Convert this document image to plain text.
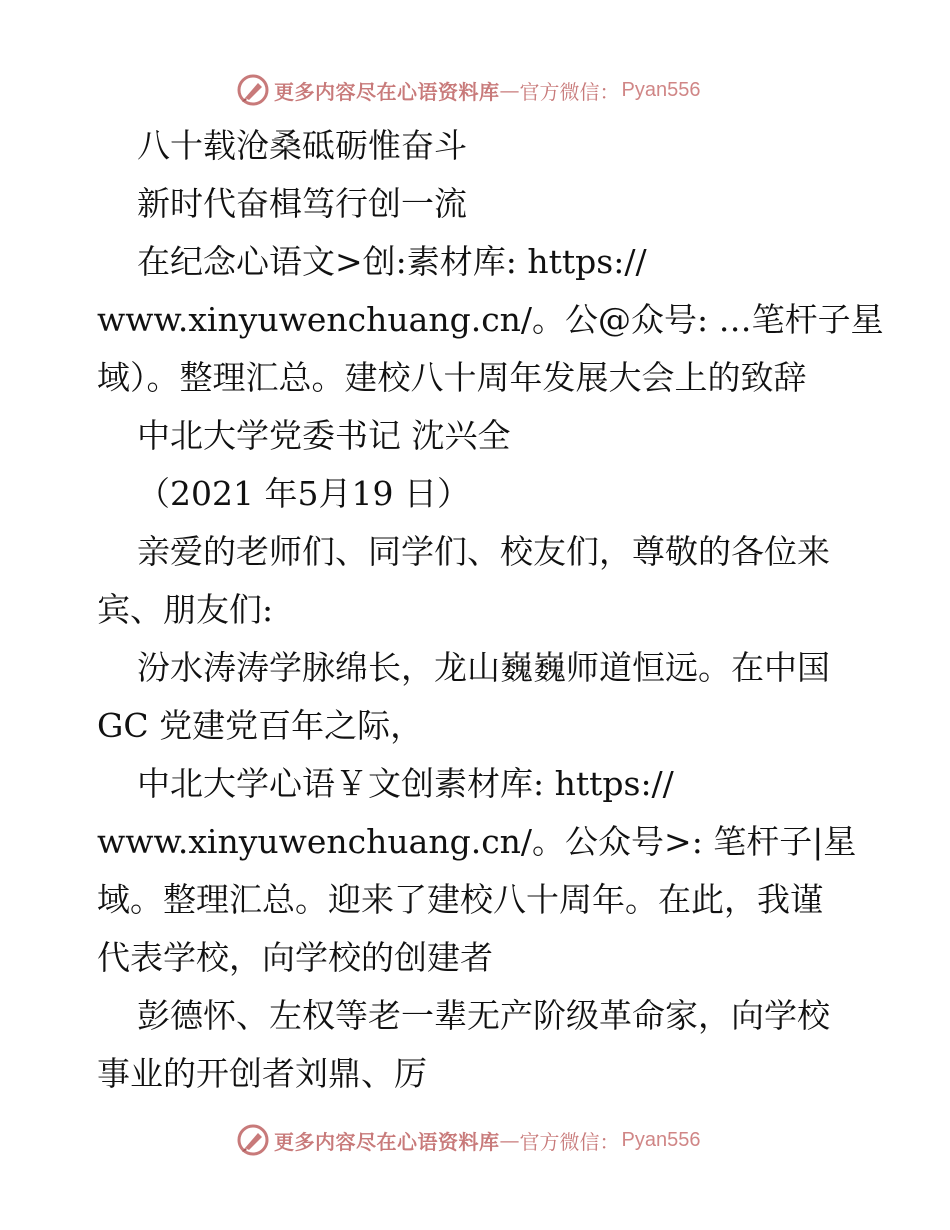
更多内容尽在心语资料库 — 官方微信： Pyan556
八十载沧桑砥砺惟奋斗
新时代奋楫笃行创一流
在纪念心语文>创:素材库: https://
www.xinyuwenchuang.cn/。公@众号: …笔杆子星
域）。整理汇总。建校八十周年发展大会上的致辞
中北大学党委书记 沈兴全
（2021 年5月19 日）
亲爱的老师们、同学们、校友们，尊敬的各位来
宾、朋友们:
汾水涛涛学脉绵长，龙山巍巍师道恒远。在中国
GC 党建党百年之际，
中北大学心语￥文创素材库: https://
www.xinyuwenchuang.cn/。公众号>: 笔杆子|星
域。整理汇总。迎来了建校八十周年。在此，我谨
代表学校，向学校的创建者
彭德怀、左权等老一辈无产阶级革命家，向学校
事业的开创者刘鼎、厉
更多内容尽在心语资料库 — 官方微信： Pyan556
